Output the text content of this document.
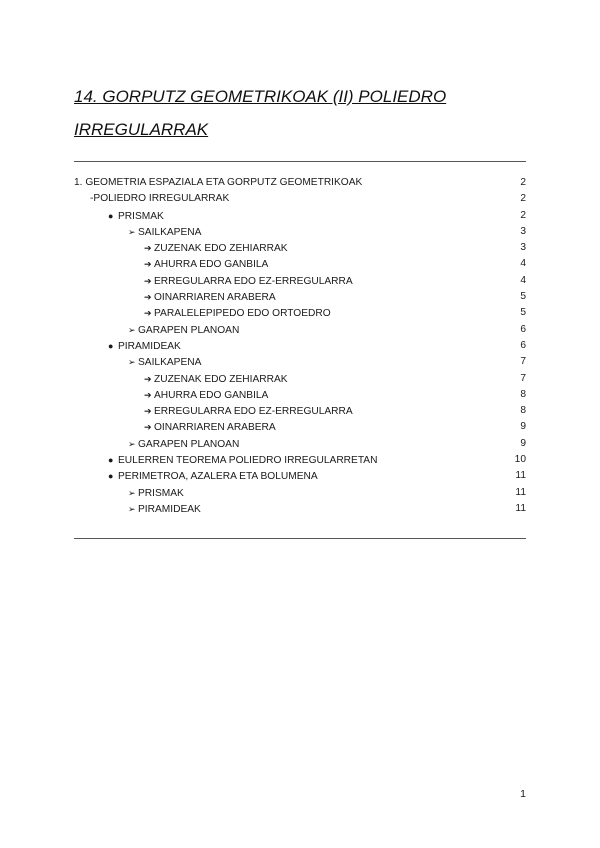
14. GORPUTZ GEOMETRIKOAK (II) POLIEDRO IRREGULARRAK
1. GEOMETRIA ESPAZIALA ETA GORPUTZ GEOMETRIKOAK	2
-POLIEDRO IRREGULARRAK	2
● PRISMAK	2
➢ SAILKAPENA	3
➔ ZUZENAK EDO ZEHIARRAK	3
➔ AHURRA EDO GANBILA	4
➔ ERREGULARRA EDO EZ-ERREGULARRA	4
➔ OINARRIAREN ARABERA	5
➔ PARALELEPIPEDO EDO ORTOEDRO	5
➢ GARAPEN PLANOAN	6
● PIRAMIDEAK	6
➢ SAILKAPENA	7
➔ ZUZENAK EDO ZEHIARRAK	7
➔ AHURRA EDO GANBILA	8
➔ ERREGULARRA EDO EZ-ERREGULARRA	8
➔ OINARRIAREN ARABERA	9
➢ GARAPEN PLANOAN	9
● EULERREN TEOREMA POLIEDRO IRREGULARRETAN	10
● PERIMETROA, AZALERA ETA BOLUMENA	11
➢ PRISMAK	11
➢ PIRAMIDEAK	11
1
